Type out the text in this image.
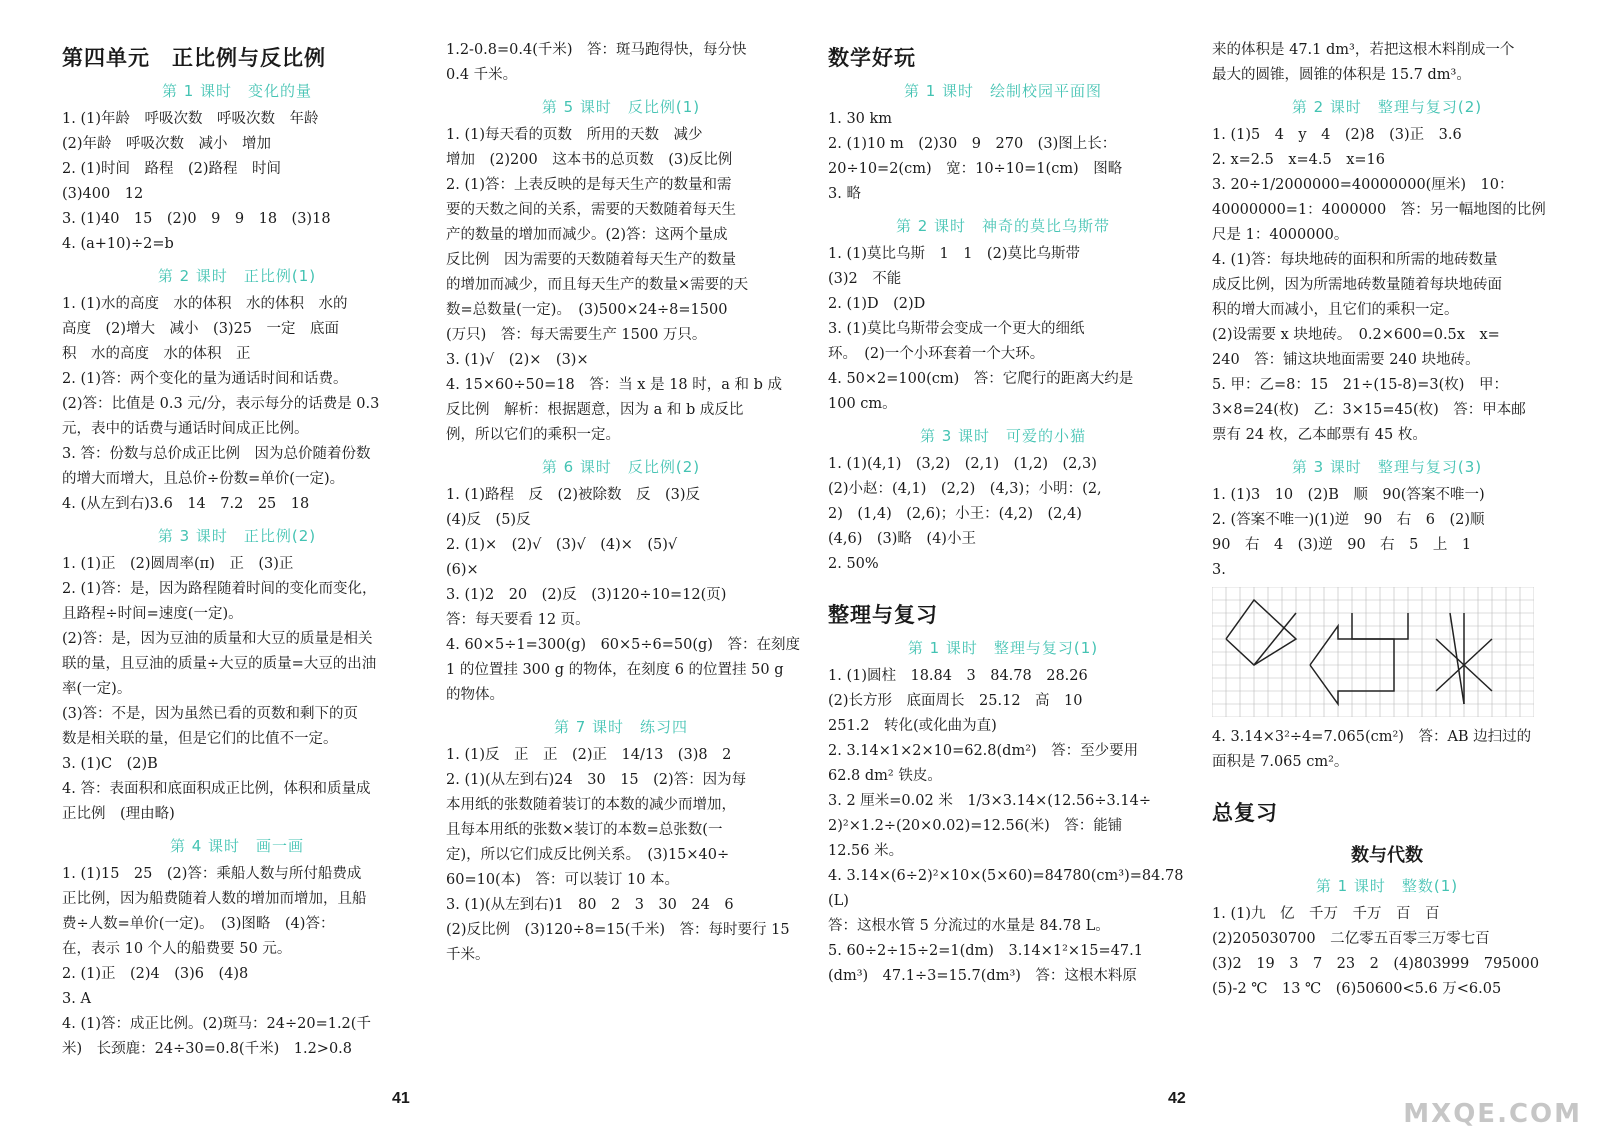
第四单元　正比例与反比例
第 1 课时　变化的量
1. (1)年龄　呼吸次数　呼吸次数　年龄
(2)年龄　呼吸次数　减小　增加
2. (1)时间　路程　(2)路程　时间
(3)400　12
3. (1)40　15　(2)0　9　9　18　(3)18
4. (a+10)÷2=b
第 2 课时　正比例(1)
1. (1)水的高度　水的体积　水的体积　水的
高度　(2)增大　减小　(3)25　一定　底面
积　水的高度　水的体积　正
2. (1)答：两个变化的量为通话时间和话费。
(2)答：比值是 0.3 元/分，表示每分的话费是 0.3
元，表中的话费与通话时间成正比例。
3. 答：份数与总价成正比例　因为总价随着份数
的增大而增大，且总价÷份数=单价(一定)。
4. (从左到右)3.6　14　7.2　25　18
第 3 课时　正比例(2)
1. (1)正　(2)圆周率(π)　正　(3)正
2. (1)答：是，因为路程随着时间的变化而变化，
且路程÷时间=速度(一定)。
(2)答：是，因为豆油的质量和大豆的质量是相关
联的量，且豆油的质量÷大豆的质量=大豆的出油
率(一定)。
(3)答：不是，因为虽然已看的页数和剩下的页
数是相关联的量，但是它们的比值不一定。
3. (1)C　(2)B
4. 答：表面积和底面积成正比例，体积和质量成
正比例　(理由略)
第 4 课时　画一画
1. (1)15　25　(2)答：乘船人数与所付船费成
正比例，因为船费随着人数的增加而增加，且船
费÷人数=单价(一定)。　(3)图略　(4)答：
在，表示 10 个人的船费要 50 元。
2. (1)正　(2)4　(3)6　(4)8
3. A
4. (1)答：成正比例。(2)斑马：24÷20=1.2(千
米)　长颈鹿：24÷30=0.8(千米)　1.2>0.8
1.2-0.8=0.4(千米)　答：斑马跑得快，每分快
0.4 千米。
第 5 课时　反比例(1)
1. (1)每天看的页数　所用的天数　减少
增加　(2)200　这本书的总页数　(3)反比例
2. (1)答：上表反映的是每天生产的数量和需
要的天数之间的关系，需要的天数随着每天生
产的数量的增加而减少。(2)答：这两个量成
反比例　因为需要的天数随着每天生产的数量
的增加而减少，而且每天生产的数量×需要的天
数=总数量(一定)。　(3)500×24÷8=1500
(万只)　答：每天需要生产 1500 万只。
3. (1)√　(2)×　(3)×
4. 15×60÷50=18　答：当 x 是 18 时，a 和 b 成
反比例　解析：根据题意，因为 a 和 b 成反比
例，所以它们的乘积一定。
第 6 课时　反比例(2)
1. (1)路程　反　(2)被除数　反　(3)反
(4)反　(5)反
2. (1)×　(2)√　(3)√　(4)×　(5)√
(6)×
3. (1)2　20　(2)反　(3)120÷10=12(页)
答：每天要看 12 页。
4. 60×5÷1=300(g)　60×5÷6=50(g)　答：在刻度
1 的位置挂 300 g 的物体，在刻度 6 的位置挂 50 g
的物体。
第 7 课时　练习四
1. (1)反　正　正　(2)正　14/13　(3)8　2
2. (1)(从左到右)24　30　15　(2)答：因为每
本用纸的张数随着装订的本数的减少而增加，
且每本用纸的张数×装订的本数=总张数(一
定)，所以它们成反比例关系。　(3)15×40÷
60=10(本)　答：可以装订 10 本。
3. (1)(从左到右)1　80　2　3　30　24　6
(2)反比例　(3)120÷8=15(千米)　答：每时要行 15
千米。
数学好玩
第 1 课时　绘制校园平面图
1. 30 km
2. (1)10 m　(2)30　9　270　(3)图上长：
20÷10=2(cm)　宽：10÷10=1(cm)　图略
3. 略
第 2 课时　神奇的莫比乌斯带
1. (1)莫比乌斯　1　1　(2)莫比乌斯带
(3)2　不能
2. (1)D　(2)D
3. (1)莫比乌斯带会变成一个更大的细纸
环。　(2)一个小环套着一个大环。
4. 50×2=100(cm)　答：它爬行的距离大约是
100 cm。
第 3 课时　可爱的小猫
1. (1)(4,1)　(3,2)　(2,1)　(1,2)　(2,3)
(2)小赵：(4,1)　(2,2)　(4,3)；小明：(2,
2)　(1,4)　(2,6)；小王：(4,2)　(2,4)
(4,6)　(3)略　(4)小王
2. 50%
整理与复习
第 1 课时　整理与复习(1)
1. (1)圆柱　18.84　3　84.78　28.26
(2)长方形　底面周长　25.12　高　10
251.2　转化(或化曲为直)
2. 3.14×1×2×10=62.8(dm²)　答：至少要用
62.8 dm² 铁皮。
3. 2 厘米=0.02 米　1/3×3.14×(12.56÷3.14÷
2)²×1.2÷(20×0.02)=12.56(米)　答：能铺
12.56 米。
4. 3.14×(6÷2)²×10×(5×60)=84780(cm³)=84.78
(L)
答：这根水管 5 分流过的水量是 84.78 L。
5. 60÷2÷15÷2=1(dm)　3.14×1²×15=47.1
(dm³)　47.1÷3=15.7(dm³)　答：这根木料原
来的体积是 47.1 dm³，若把这根木料削成一个
最大的圆锥，圆锥的体积是 15.7 dm³。
第 2 课时　整理与复习(2)
1. (1)5　4　y　4　(2)8　(3)正　3.6
2. x=2.5　x=4.5　x=16
3. 20÷1/2000000=40000000(厘米)　10：
40000000=1：4000000　答：另一幅地图的比例
尺是 1：4000000。
4. (1)答：每块地砖的面积和所需的地砖数量
成反比例，因为所需地砖数量随着每块地砖面
积的增大而减小，且它们的乘积一定。
(2)设需要 x 块地砖。　0.2×600=0.5x　x=
240　答：铺这块地面需要 240 块地砖。
5. 甲：乙=8：15　21÷(15-8)=3(枚)　甲：
3×8=24(枚)　乙：3×15=45(枚)　答：甲本邮
票有 24 枚，乙本邮票有 45 枚。
第 3 课时　整理与复习(3)
1. (1)3　10　(2)B　顺　90(答案不唯一)
2. (答案不唯一)(1)逆　90　右　6　(2)顺
90　右　4　(3)逆　90　右　5　上　1
3.
4. 3.14×3²÷4=7.065(cm²)　答：AB 边扫过的
面积是 7.065 cm²。
总复习
数与代数
第 1 课时　整数(1)
1. (1)九　亿　千万　千万　百　百
(2)205030700　二亿零五百零三万零七百
(3)2　19　3　7　23　2　(4)803999　795000
(5)-2 ℃　13 ℃　(6)50600<5.6 万<6.05
41	42
MXQE.COM
